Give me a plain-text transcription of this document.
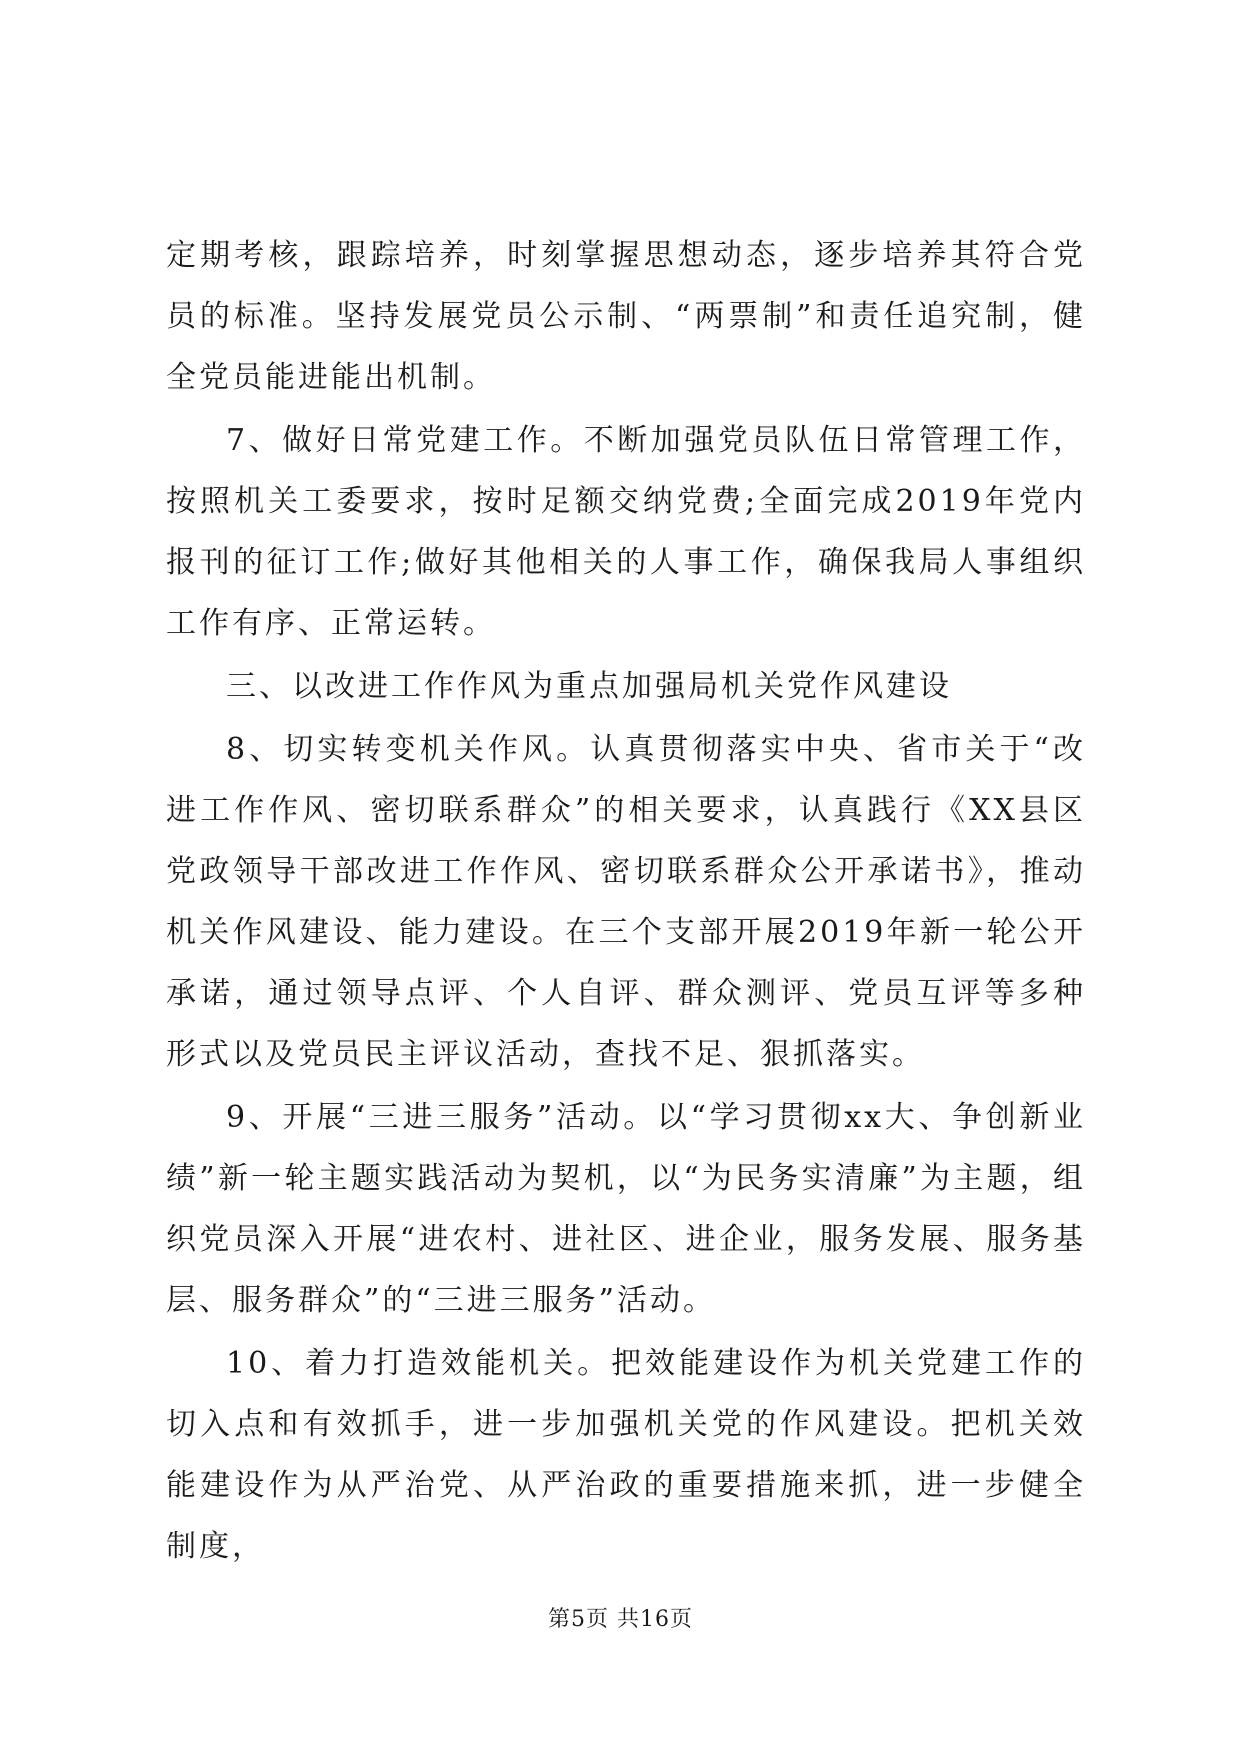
定期考核，跟踪培养，时刻掌握思想动态，逐步培养其符合党员的标准。坚持发展党员公示制、“两票制”和责任追究制，健全党员能进能出机制。

7、做好日常党建工作。不断加强党员队伍日常管理工作，按照机关工委要求，按时足额交纳党费;全面完成2019年党内报刊的征订工作;做好其他相关的人事工作，确保我局人事组织工作有序、正常运转。

三、以改进工作作风为重点加强局机关党作风建设

8、切实转变机关作风。认真贯彻落实中央、省市关于“改进工作作风、密切联系群众”的相关要求，认真践行《XX县区党政领导干部改进工作作风、密切联系群众公开承诺书》，推动机关作风建设、能力建设。在三个支部开展2019年新一轮公开承诺，通过领导点评、个人自评、群众测评、党员互评等多种形式以及党员民主评议活动，查找不足、狠抓落实。

9、开展“三进三服务”活动。以“学习贯彻xx大、争创新业绩”新一轮主题实践活动为契机，以“为民务实清廉”为主题，组织党员深入开展“进农村、进社区、进企业，服务发展、服务基层、服务群众”的“三进三服务”活动。

10、着力打造效能机关。把效能建设作为机关党建工作的切入点和有效抓手，进一步加强机关党的作风建设。把机关效能建设作为从严治党、从严治政的重要措施来抓，进一步健全制度，

第5页 共16页
